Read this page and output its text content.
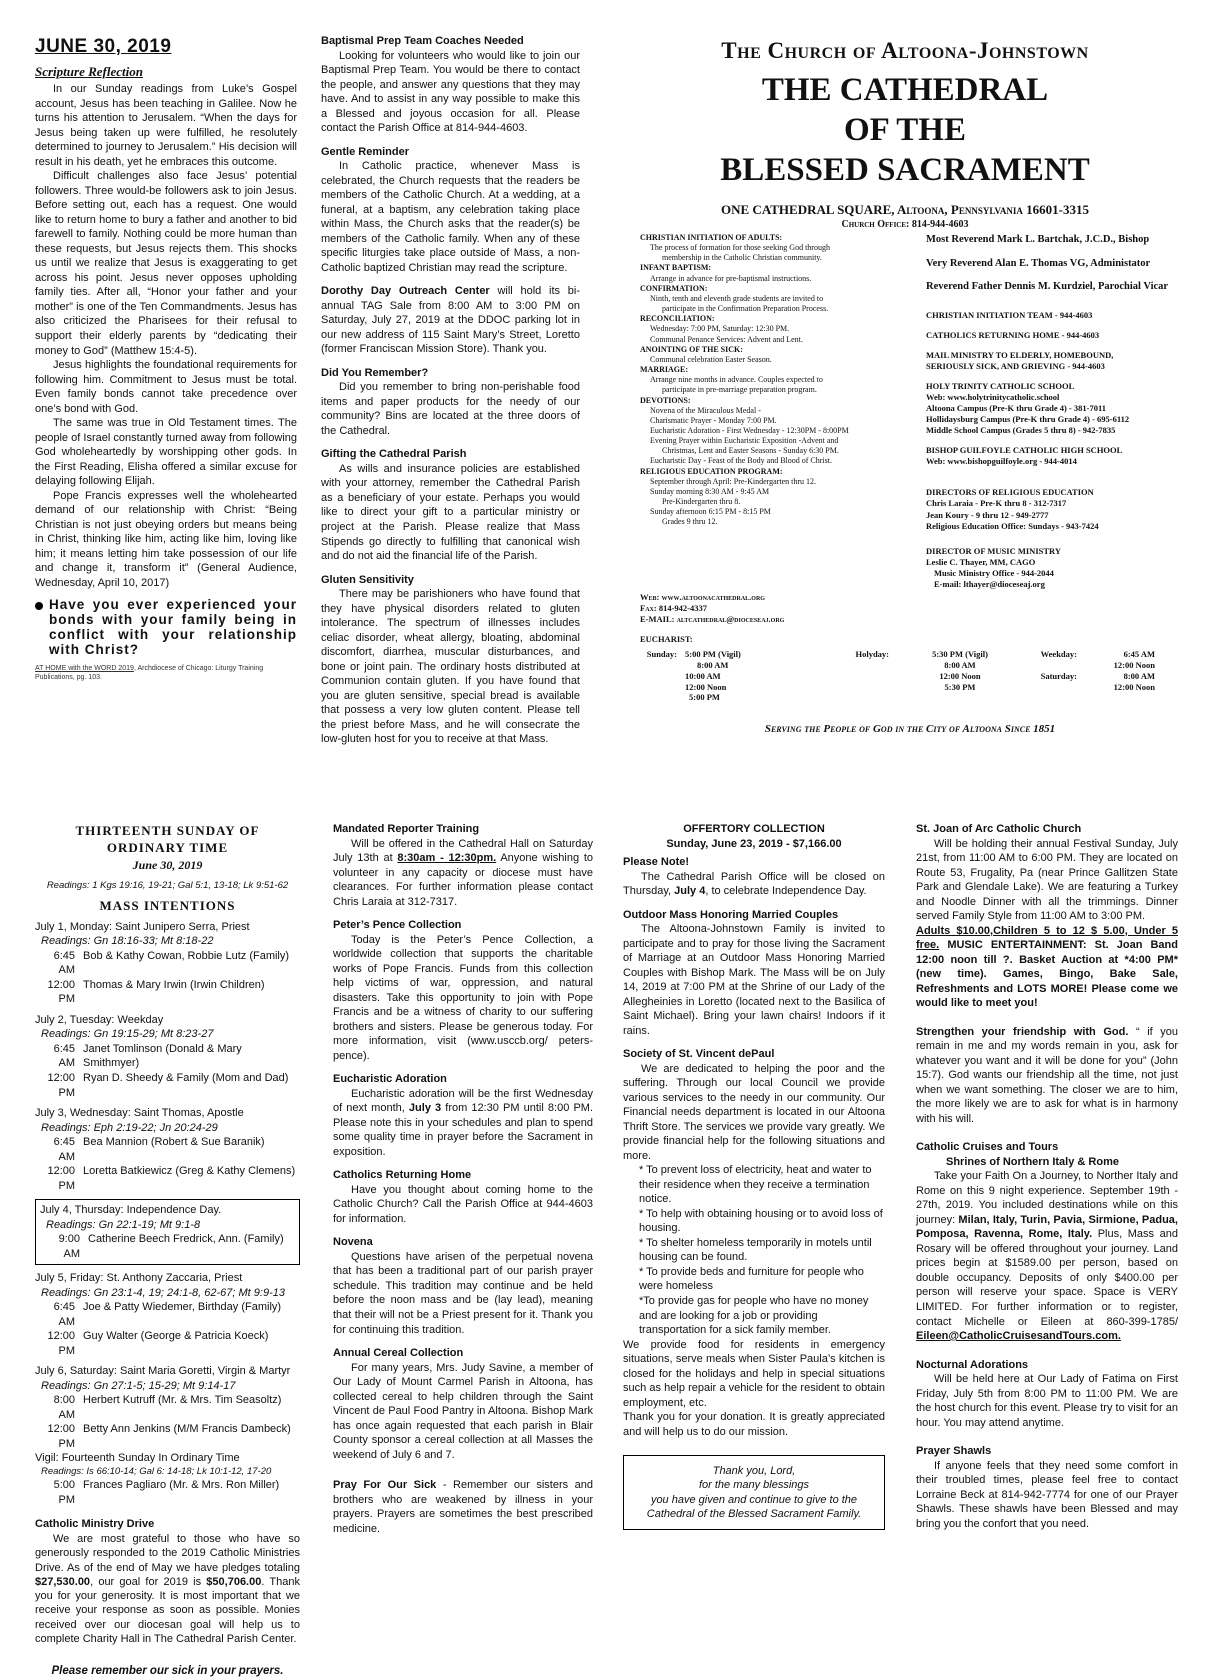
JUNE 30, 2019
Scripture Reflection

In our Sunday readings from Luke’s Gospel account, Jesus has been teaching in Galilee. Now he turns his attention to Jerusalem. “When the days for Jesus being taken up were fulfilled, he resolutely determined to journey to Jerusalem.” His decision will result in his death, yet he embraces this outcome.

Difficult challenges also face Jesus’ potential followers. Three would-be followers ask to join Jesus. Before setting out, each has a request. One would like to return home to bury a father and another to bid farewell to family. Nothing could be more human than these requests, but Jesus rejects them. This shocks us until we realize that Jesus is exaggerating to get across his point. Jesus never opposes upholding family ties. After all, “Honor your father and your mother” is one of the Ten Commandments. Jesus has also criticized the Pharisees for their refusal to support their elderly parents by “dedicating their money to God” (Matthew 15:4-5).

Jesus highlights the foundational requirements for following him. Commitment to Jesus must be total. Even family bonds cannot take precedence over one’s bond with God.

The same was true in Old Testament times. The people of Israel constantly turned away from following God wholeheartedly by worshipping other gods. In the First Reading, Elisha offered a similar excuse for delaying following Elijah.

Pope Francis expresses well the wholehearted demand of our relationship with Christ: “Being Christian is not just obeying orders but means being in Christ, thinking like him, acting like him, loving like him; it means letting him take possession of our life and change it, transform it” (General Audience, Wednesday, April 10, 2017)

Have you ever experienced your bonds with your family being in conflict with your relationship with Christ?
AT HOME with the WORD 2019, Archdiocese of Chicago: Liturgy Training Publications, pg. 103.
Baptismal Prep Team Coaches Needed

Looking for volunteers who would like to join our Baptismal Prep Team. You would be there to contact the people, and answer any questions that they may have. And to assist in any way possible to make this a Blessed and joyous occasion for all. Please contact the Parish Office at 814-944-4603.

Gentle Reminder

In Catholic practice, whenever Mass is celebrated, the Church requests that the readers be members of the Catholic Church. At a wedding, at a funeral, at a baptism, any celebration taking place within Mass, the Church asks that the reader(s) be members of the Catholic family. When any of these specific liturgies take place outside of Mass, a non-Catholic baptized Christian may read the scripture.

Dorothy Day Outreach Center will hold its bi-annual TAG Sale from 8:00 AM to 3:00 PM on Saturday, July 27, 2019 at the DDOC parking lot in our new address of 115 Saint Mary’s Street, Loretto (former Franciscan Mission Store). Thank you.

Did You Remember?

Did you remember to bring non-perishable food items and paper products for the needy of our community? Bins are located at the three doors of the Cathedral.

Gifting the Cathedral Parish

As wills and insurance policies are established with your attorney, remember the Cathedral Parish as a beneficiary of your estate. Perhaps you would like to direct your gift to a particular ministry or project at the Parish. Please realize that Mass Stipends go directly to fulfilling that canonical wish and do not aid the financial life of the Parish.

Gluten Sensitivity

There may be parishioners who have found that they have physical disorders related to gluten intolerance. The spectrum of illnesses includes celiac disorder, wheat allergy, bloating, abdominal discomfort, diarrhea, muscular disturbances, and bone or joint pain. The ordinary hosts distributed at Communion contain gluten. If you have found that you are gluten sensitive, special bread is available that possess a very low gluten content. Please tell the priest before Mass, and he will consecrate the low-gluten host for you to receive at that Mass.

The Church of Altoona-Johnstown
THE CATHEDRAL
OF THE
BLESSED SACRAMENT
ONE CATHEDRAL SQUARE, Altoona, Pennsylvania 16601-3315
Church Office: 814-944-4603
CHRISTIAN INITIATION OF ADULTS:
The process of formation for those seeking God through
membership in the Catholic Christian community.
INFANT BAPTISM:
Arrange in advance for pre-baptismal instructions.
CONFIRMATION:
Ninth, tenth and eleventh grade students are invited to
participate in the Confirmation Preparation Process.
RECONCILIATION:
Wednesday: 7:00 PM, Saturday: 12:30 PM.
Communal Penance Services: Advent and Lent.
ANOINTING OF THE SICK:
Communal celebration Easter Season.
MARRIAGE:
Arrange nine months in advance. Couples expected to
participate in pre-marriage preparation program.
DEVOTIONS:
Novena of the Miraculous Medal -
Charismatic Prayer - Monday 7:00 PM.
Eucharistic Adoration - First Wednesday - 12:30PM - 8:00PM
Evening Prayer within Eucharistic Exposition -Advent and
Christmas, Lent and Easter Seasons - Sunday 6:30 PM.
Eucharistic Day - Feast of the Body and Blood of Christ.
RELIGIOUS EDUCATION PROGRAM:
September through April: Pre-Kindergarten thru 12.
Sunday morning 8:30 AM - 9:45 AM
Pre-Kindergarten thru 8.
Sunday afternoon 6:15 PM - 8:15 PM
Grades 9 thru 12.
Web: www.altoonacathedral.org
Fax: 814-942-4337
E-MAIL: altcathedral@dioceseaj.org
Most Reverend Mark L. Bartchak, J.C.D., Bishop
Very Reverend Alan E. Thomas VG, Administator
Reverend Father Dennis M. Kurdziel, Parochial Vicar
CHRISTIAN INITIATION TEAM - 944-4603
CATHOLICS RETURNING HOME - 944-4603
MAIL MINISTRY TO ELDERLY, HOMEBOUND,
SERIOUSLY SICK, AND GRIEVING - 944-4603
HOLY TRINITY CATHOLIC SCHOOL
Web: www.holytrinitycatholic.school
Altoona Campus (Pre-K thru Grade 4) - 381-7011
Hollidaysburg Campus (Pre-K thru Grade 4) - 695-6112
Middle School Campus (Grades 5 thru 8) - 942-7835
BISHOP GUILFOYLE CATHOLIC HIGH SCHOOL
Web: www.bishopguilfoyle.org - 944-4014
DIRECTORS OF RELIGIOUS EDUCATION
Chris Laraia - Pre-K thru 8 - 312-7317
Jean Koury - 9 thru 12 - 949-2777
Religious Education Office: Sundays - 943-7424
DIRECTOR OF MUSIC MINISTRY
Leslie C. Thayer, MM, CAGO
Music Ministry Office - 944-2044
E-mail: lthayer@dioceseaj.org
EUCHARIST:
Sunday: 5:00 PM (Vigil)
8:00 AM
10:00 AM
12:00 Noon
5:00 PM
Holyday:	5:30 PM (Vigil)
8:00 AM
12:00 Noon
5:30 PM
Weekday:

Saturday:
6:45 AM
12:00 Noon
8:00 AM
12:00 Noon
Serving the People of God in the City of Altoona Since 1851
THIRTEENTH SUNDAY OF
ORDINARY TIME
June 30, 2019
Readings: 1 Kgs 19:16, 19-21; Gal 5:1, 13-18; Lk 9:51-62
MASS INTENTIONS
July 1, Monday: Saint Junipero Serra, Priest
Readings: Gn 18:16-33; Mt 8:18-22
6:45 AM
Bob & Kathy Cowan, Robbie Lutz (Family)
12:00 PM
Thomas & Mary Irwin (Irwin Children)
July 2, Tuesday: Weekday
Readings: Gn 19:15-29; Mt 8:23-27
6:45 AM
Janet Tomlinson (Donald & Mary Smithmyer)
12:00 PM
Ryan D. Sheedy & Family (Mom and Dad)
July 3, Wednesday: Saint Thomas, Apostle
Readings: Eph 2:19-22; Jn 20:24-29
6:45 AM
Bea Mannion (Robert & Sue Baranik)
12:00 PM
Loretta Batkiewicz (Greg & Kathy Clemens)
July 4, Thursday: Independence Day.
Readings: Gn 22:1-19; Mt 9:1-8
9:00 AM
Catherine Beech Fredrick, Ann. (Family)
July 5, Friday: St. Anthony Zaccaria, Priest
Readings: Gn 23:1-4, 19; 24:1-8, 62-67; Mt 9:9-13
6:45 AM
Joe & Patty Wiedemer, Birthday (Family)
12:00 PM
Guy Walter (George & Patricia Koeck)
July 6, Saturday: Saint Maria Goretti, Virgin & Martyr
Readings: Gn 27:1-5; 15-29; Mt 9:14-17
8:00 AM
Herbert Kutruff (Mr. & Mrs. Tim Seasoltz)
12:00 PM
Betty Ann Jenkins (M/M Francis Dambeck)
Vigil: Fourteenth Sunday In Ordinary Time
Readings: Is 66:10-14; Gal 6: 14-18; Lk 10:1-12, 17-20
5:00 PM
Frances Pagliaro (Mr. & Mrs. Ron Miller)
Catholic Ministry Drive

We are most grateful to those who have so generously responded to the 2019 Catholic Ministries Drive. As of the end of May we have pledges totaling $27,530.00, our goal for 2019 is $50,706.00. Thank you for your generosity. It is most important that we receive your response as soon as possible. Monies received over our diocesan goal will help us to complete Charity Hall in The Cathedral Parish Center.

Please remember our sick in your prayers.
Mandated Reporter Training

Will be offered in the Cathedral Hall on Saturday July 13th at 8:30am - 12:30pm. Anyone wishing to volunteer in any capacity or diocese must have clearances. For further information please contact Chris Laraia at 312-7317.

Peter’s Pence Collection

Today is the Peter’s Pence Collection, a worldwide collection that supports the charitable works of Pope Francis. Funds from this collection help victims of war, oppression, and natural disasters. Take this opportunity to join with Pope Francis and be a witness of charity to our suffering brothers and sisters. Please be generous today. For more information, visit (www.usccb.org/ peters-pence).

Eucharistic Adoration

Eucharistic adoration will be the first Wednesday of next month, July 3 from 12:30 PM until 8:00 PM. Please note this in your schedules and plan to spend some quality time in prayer before the Sacrament in exposition.

Catholics Returning Home

Have you thought about coming home to the Catholic Church? Call the Parish Office at 944-4603 for information.

Novena

Questions have arisen of the perpetual novena that has been a traditional part of our parish prayer schedule. This tradition may continue and be held before the noon mass and be (lay lead), meaning that their will not be a Priest present for it. Thank you for continuing this tradition.

Annual Cereal Collection

For many years, Mrs. Judy Savine, a member of Our Lady of Mount Carmel Parish in Altoona, has collected cereal to help children through the Saint Vincent de Paul Food Pantry in Altoona. Bishop Mark has once again requested that each parish in Blair County sponsor a cereal collection at all Masses the weekend of July 6 and 7.

Pray For Our Sick - Remember our sisters and brothers who are weakened by illness in your prayers. Prayers are sometimes the best prescribed medicine.

OFFERTORY COLLECTION
Sunday, June 23, 2019 - $7,166.00
Please Note!

The Cathedral Parish Office will be closed on Thursday, July 4, to celebrate Independence Day.

Outdoor Mass Honoring Married Couples

The Altoona-Johnstown Family is invited to participate and to pray for those living the Sacrament of Marriage at an Outdoor Mass Honoring Married Couples with Bishop Mark. The Mass will be on July 14, 2019 at 7:00 PM at the Shrine of our Lady of the Allegheinies in Loretto (located next to the Basilica of Saint Michael). Bring your lawn chairs! Indoors if it rains.

Society of St. Vincent dePaul

We are dedicated to helping the poor and the suffering. Through our local Council we provide various services to the needy in our community. Our Financial needs department is located in our Altoona Thrift Store. The services we provide vary greatly. We provide financial help for the following situations and more.

* To prevent loss of electricity, heat and water to their residence when they receive a termination notice.
* To help with obtaining housing or to avoid loss of housing.
* To shelter homeless temporarily in motels until housing can be found.
* To provide beds and furniture for people who were homeless
*To provide gas for people who have no money and are looking for a job or providing transportation for a sick family member.

We provide food for residents in emergency situations, serve meals when Sister Paula’s kitchen is closed for the holidays and help in special situations such as help repair a vehicle for the resident to obtain employment, etc.

Thank you for your donation. It is greatly appreciated and will help us to do our mission.

Thank you, Lord,
for the many blessings
you have given and continue to give to the
Cathedral of the Blessed Sacrament Family.
St. Joan of Arc Catholic Church

Will be holding their annual Festival Sunday, July 21st, from 11:00 AM to 6:00 PM. They are located on Route 53, Frugality, Pa (near Prince Gallitzen State Park and Glendale Lake). We are featuring a Turkey and Noodle Dinner with all the trimmings. Dinner served Family Style from 11:00 AM to 3:00 PM.

Adults $10.00,Children 5 to 12 $ 5.00, Under 5 free. MUSIC ENTERTAINMENT: St. Joan Band 12:00 noon till ?. Basket Auction at *4:00 PM* (new time). Games, Bingo, Bake Sale, Refreshments and LOTS MORE! Please come we would like to meet you!

Strengthen your friendship with God. “ if you remain in me and my words remain in you, ask for whatever you want and it will be done for you” (John 15:7). God wants our friendship all the time, not just when we want something. The closer we are to him, the more likely we are to ask for what is in harmony with his will.

Catholic Cruises and Tours
Shrines of Northern Italy & Rome

Take your Faith On a Journey, to Norther Italy and Rome on this 9 night experience. September 19th - 27th, 2019. You included destinations while on this journey: Milan, Italy, Turin, Pavia, Sirmione, Padua, Pomposa, Ravenna, Rome, Italy. Plus, Mass and Rosary will be offered throughout your journey. Land prices begin at $1589.00 per person, based on double occupancy. Deposits of only $400.00 per person will reserve your space. Space is VERY LIMITED. For further information or to register, contact Michelle or Eileen at 860-399-1785/ Eileen@CatholicCruisesandTours.com.

Nocturnal Adorations

Will be held here at Our Lady of Fatima on First Friday, July 5th from 8:00 PM to 11:00 PM. We are the host church for this event. Please try to visit for an hour. You may attend anytime.

Prayer Shawls

If anyone feels that they need some comfort in their troubled times, please feel free to contact Lorraine Beck at 814-942-7774 for one of our Prayer Shawls. These shawls have been Blessed and may bring you the confort that you need.
